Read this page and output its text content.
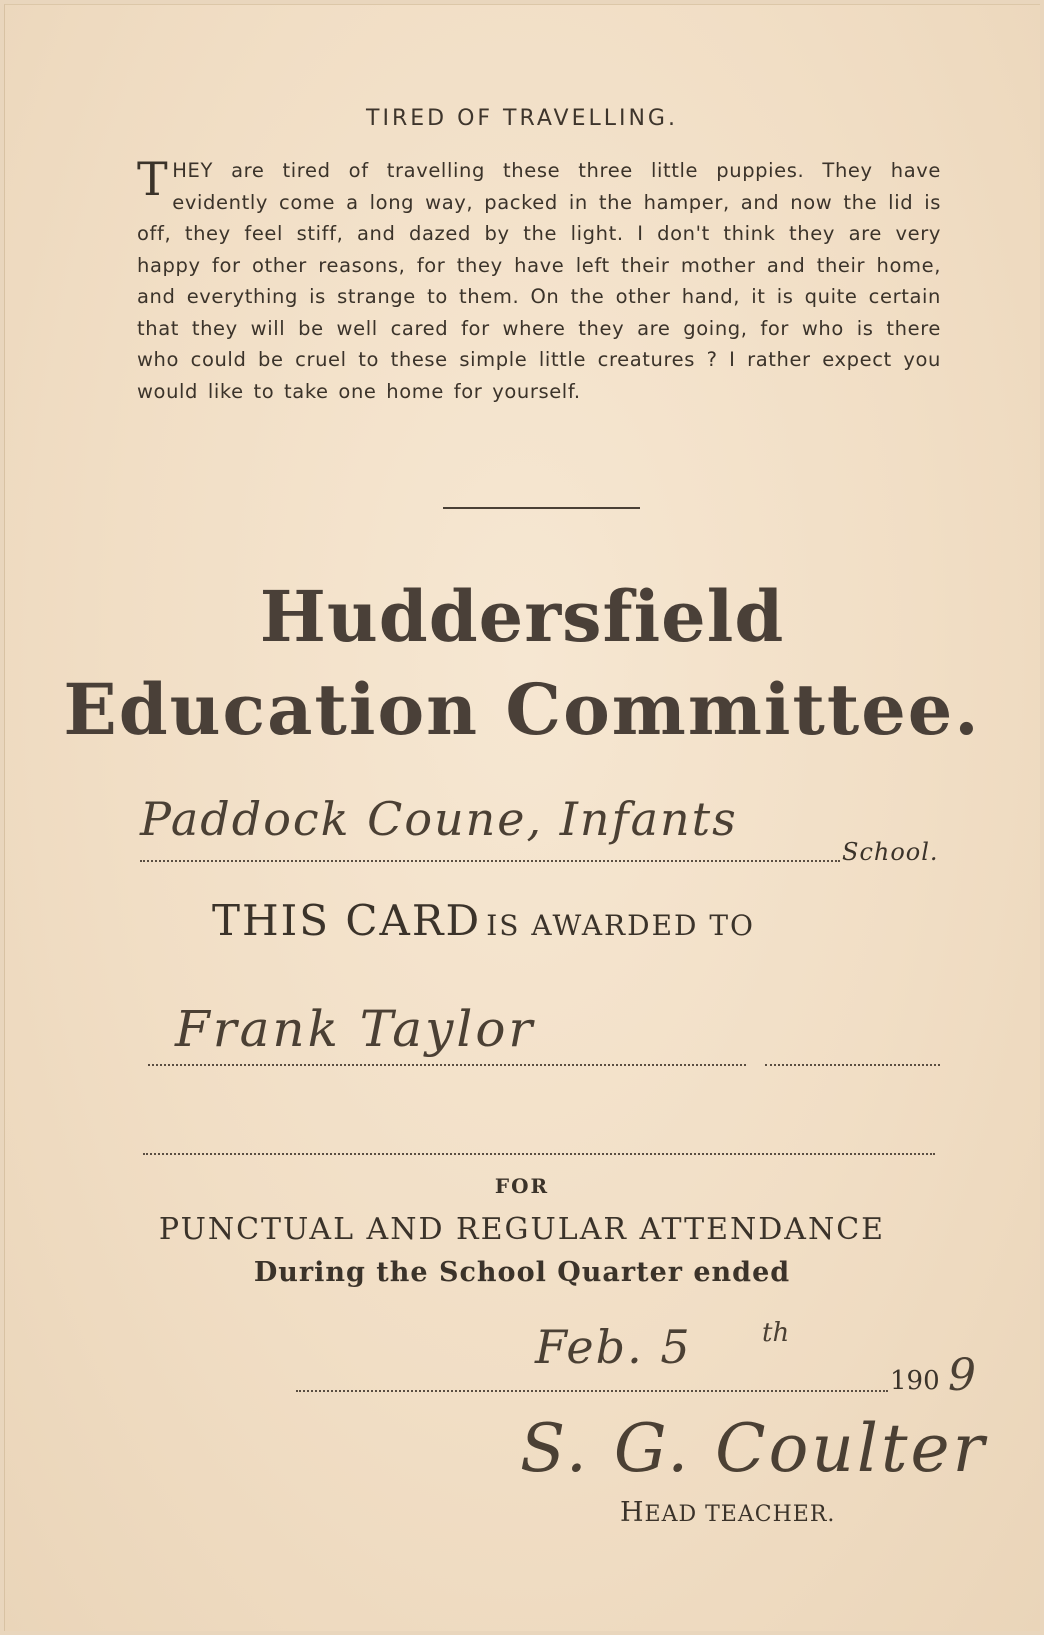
TIRED OF TRAVELLING.
THEY are tired of travelling these three little puppies. They have evidently come a long way, packed in the hamper, and now the lid is off, they feel stiff, and dazed by the light. I don't think they are very happy for other reasons, for they have left their mother and their home, and everything is strange to them. On the other hand, it is quite certain that they will be well cared for where they are going, for who is there who could be cruel to these simple little creatures ? I rather expect you would like to take one home for yourself.
Huddersfield
Education Committee.
Paddock Coune, Infants
School.
THIS CARD IS AWARDED TO
Frank Taylor
FOR
PUNCTUAL AND REGULAR ATTENDANCE
During the School Quarter ended
Feb. 5	th
190 9
S. G. Coulter
HEAD TEACHER.
